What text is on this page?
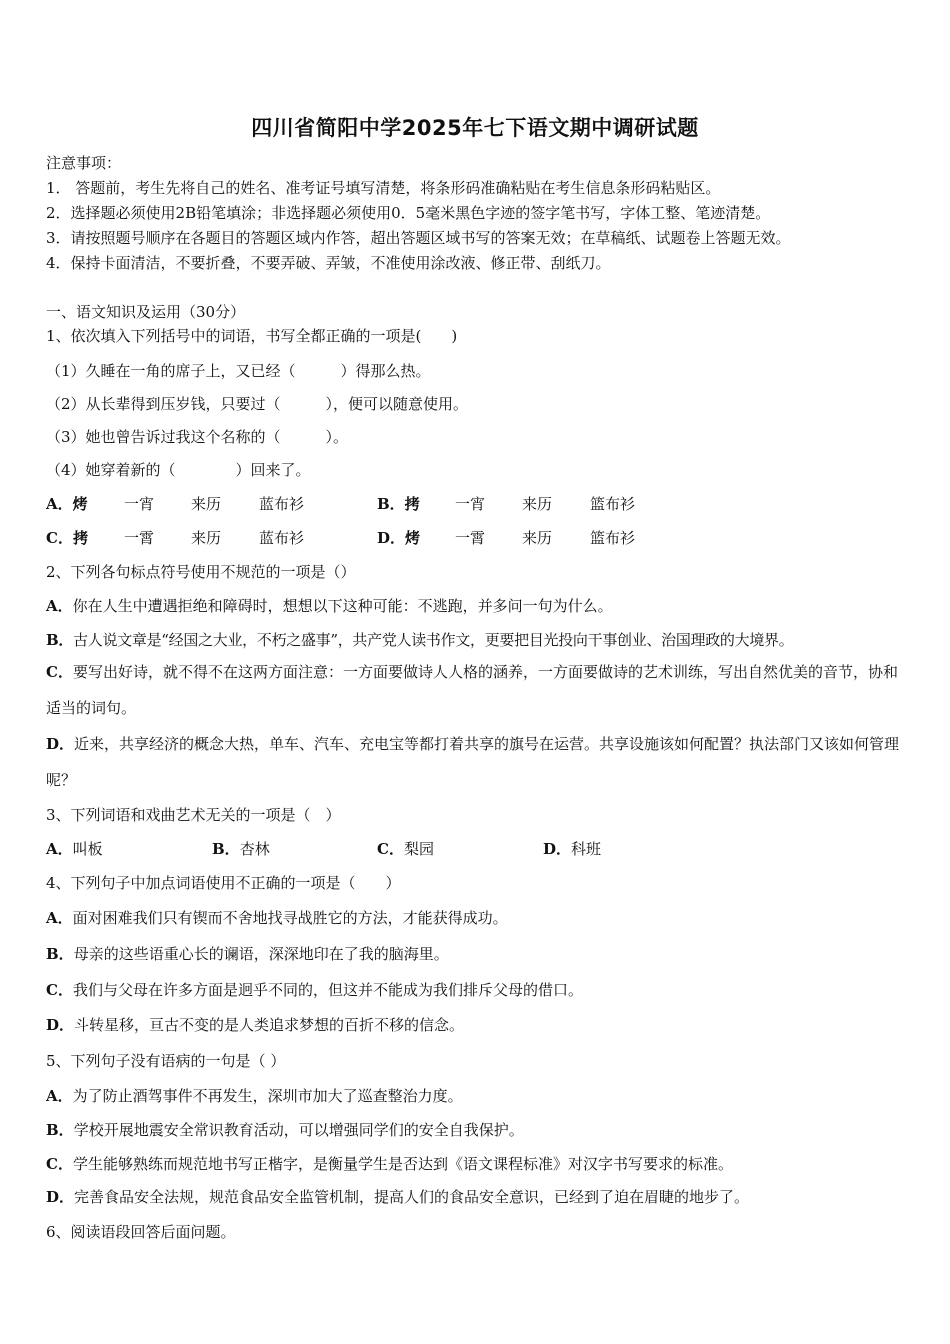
四川省简阳中学2025年七下语文期中调研试题
注意事项：
1． 答题前，考生先将自己的姓名、准考证号填写清楚，将条形码准确粘贴在考生信息条形码粘贴区。
2．选择题必须使用2B铅笔填涂；非选择题必须使用0．5毫米黑色字迹的签字笔书写，字体工整、笔迹清楚。
3．请按照题号顺序在各题目的答题区域内作答，超出答题区域书写的答案无效；在草稿纸、试题卷上答题无效。
4．保持卡面清洁，不要折叠，不要弄破、弄皱，不准使用涂改液、修正带、刮纸刀。
一、语文知识及运用（30分）
1、依次填入下列括号中的词语，书写全都正确的一项是(　　)
（1）久睡在一角的席子上，又已经（　　　）得那么热。
（2）从长辈得到压岁钱，只要过（　　　），便可以随意使用。
（3）她也曾告诉过我这个名称的（　　　）。
（4）她穿着新的（　　　　）回来了。
A．烤 一宵 来历	蓝布衫	B．拷 一宵 来历	篮布衫
C．拷 一霄 来历	蓝布衫	D．烤 一霄 来历	篮布衫
2、下列各句标点符号使用不规范的一项是（）
A．你在人生中遭遇拒绝和障碍时，想想以下这种可能：不逃跑，并多问一句为什么。
B．古人说文章是“经国之大业，不朽之盛事”，共产党人读书作文，更要把目光投向干事创业、治国理政的大境界。
C．要写出好诗，就不得不在这两方面注意：一方面要做诗人人格的涵养，一方面要做诗的艺术训练，写出自然优美的音节，协和适当的词句。
D．近来，共享经济的概念大热，单车、汽车、充电宝等都打着共享的旗号在运营。共享设施该如何配置？执法部门又该如何管理呢？
3、下列词语和戏曲艺术无关的一项是（　）
A．叫板	B．杏林	C．梨园	D．科班
4、下列句子中加点词语使用不正确的一项是（　　）
A．面对困难我们只有锲而不舍地找寻战胜它的方法，才能获得成功。
B．母亲的这些语重心长的谰语，深深地印在了我的脑海里。
C．我们与父母在许多方面是迥乎不同的，但这并不能成为我们排斥父母的借口。
D．斗转星移，亘古不变的是人类追求梦想的百折不移的信念。
5、下列句子没有语病的一句是（ ）
A．为了防止酒驾事件不再发生，深圳市加大了巡查整治力度。
B．学校开展地震安全常识教育活动，可以增强同学们的安全自我保护。
C．学生能够熟练而规范地书写正楷字，是衡量学生是否达到《语文课程标准》对汉字书写要求的标准。
D．完善食品安全法规，规范食品安全监管机制，提高人们的食品安全意识，已经到了迫在眉睫的地步了。
6、阅读语段回答后面问题。
